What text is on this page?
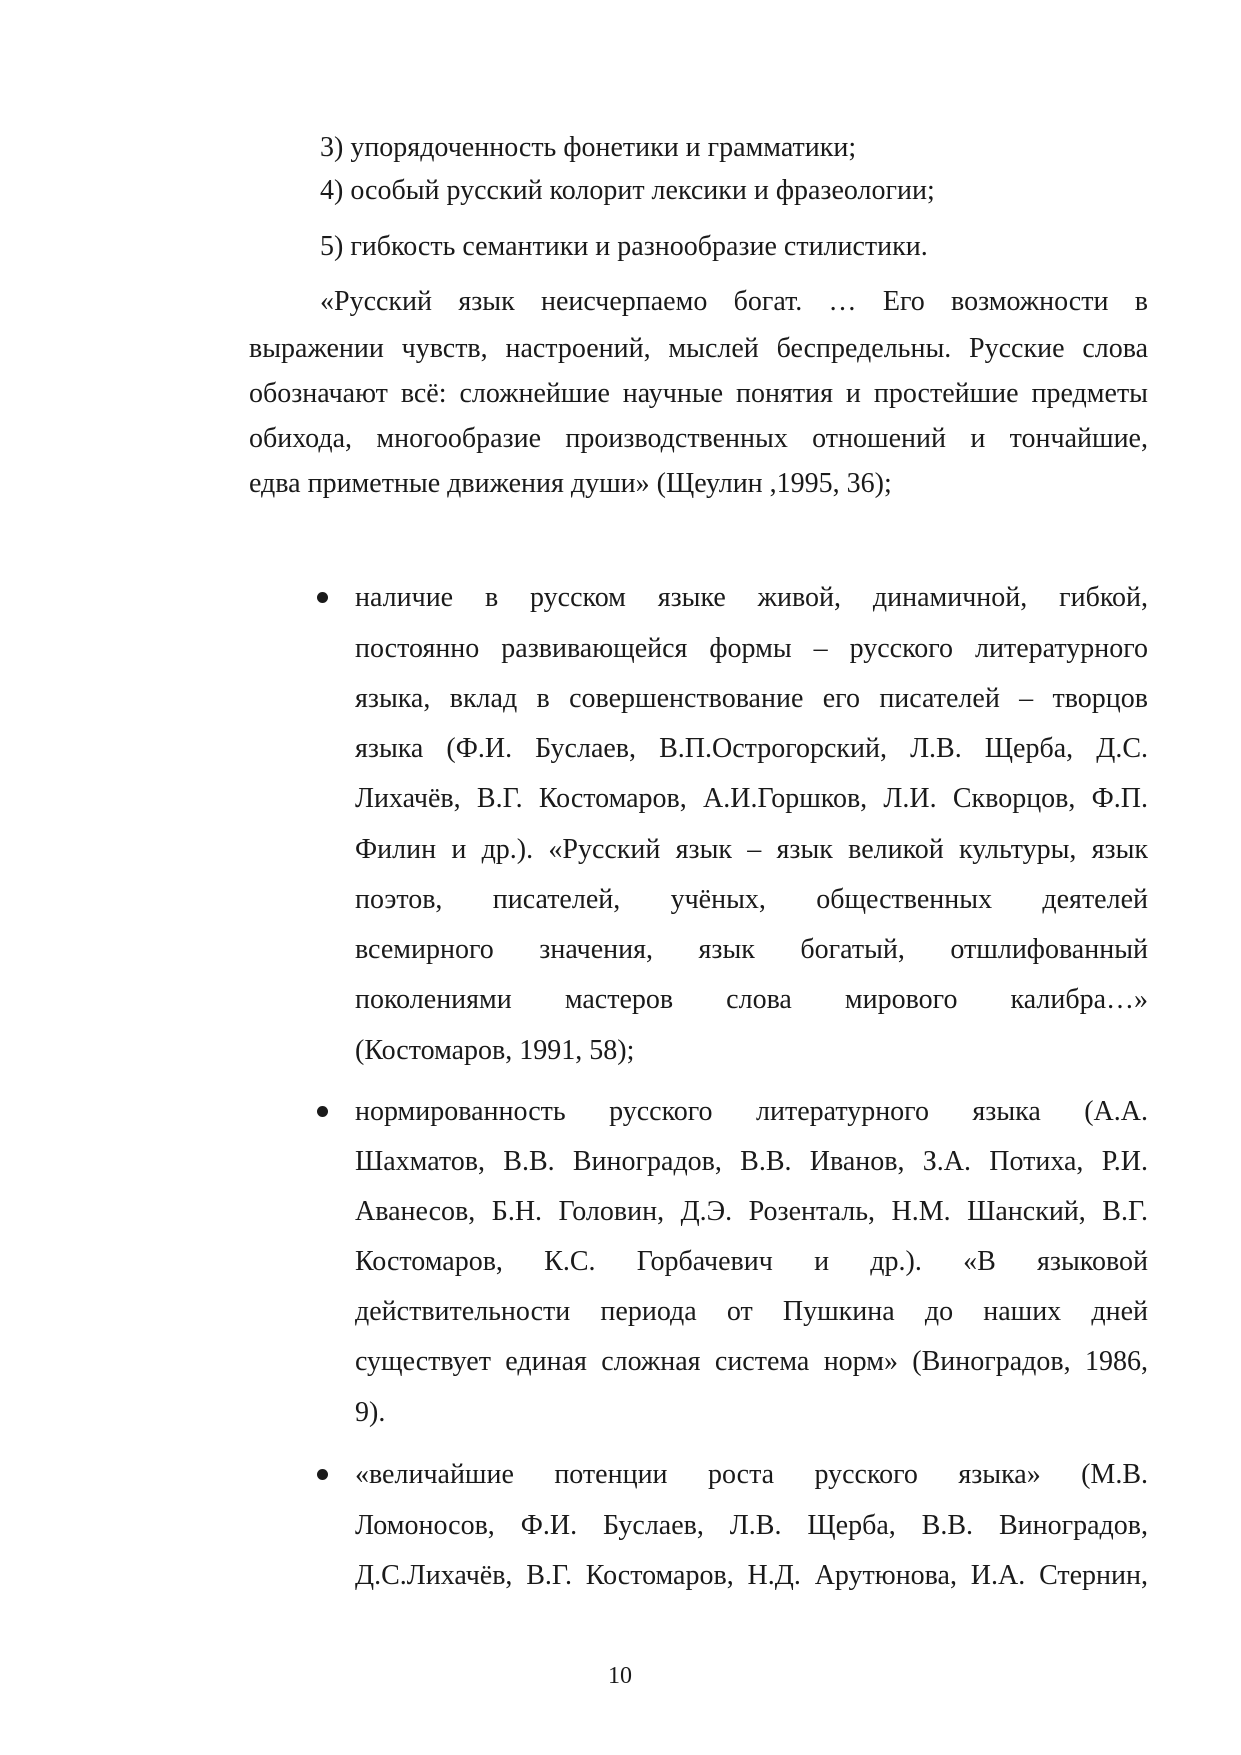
3) упорядоченность фонетики и грамматики;

4) особый русский колорит лексики и фразеологии;

5) гибкость семантики и разнообразие стилистики.

«Русский язык неисчерпаемо богат. … Его возможности в

выражении чувств, настроений, мыслей беспредельны. Русские слова

обозначают всё: сложнейшие научные понятия и простейшие предметы

обихода, многообразие производственных отношений и тончайшие,

едва приметные движения души» (Щеулин ,1995, 36);

наличие в русском языке живой, динамичной, гибкой,

постоянно развивающейся формы – русского литературного

языка, вклад в совершенствование его писателей – творцов

языка (Ф.И. Буслаев, В.П.Острогорский, Л.В. Щерба, Д.С.

Лихачёв, В.Г. Костомаров, А.И.Горшков, Л.И. Скворцов, Ф.П.

Филин и др.). «Русский язык – язык великой культуры, язык

поэтов, писателей, учёных, общественных деятелей

всемирного значения, язык богатый, отшлифованный

поколениями мастеров слова мирового калибра…»

(Костомаров, 1991, 58);

нормированность русского литературного языка (А.А.

Шахматов, В.В. Виноградов, В.В. Иванов, З.А. Потиха, Р.И.

Аванесов, Б.Н. Головин, Д.Э. Розенталь, Н.М. Шанский, В.Г.

Костомаров, К.С. Горбачевич и др.). «В языковой

действительности периода от Пушкина до наших дней

существует единая сложная система норм» (Виноградов, 1986,

9).

«величайшие потенции роста русского языка» (М.В.

Ломоносов, Ф.И. Буслаев, Л.В. Щерба, В.В. Виноградов,

Д.С.Лихачёв, В.Г. Костомаров, Н.Д. Арутюнова, И.А. Стернин,

10
